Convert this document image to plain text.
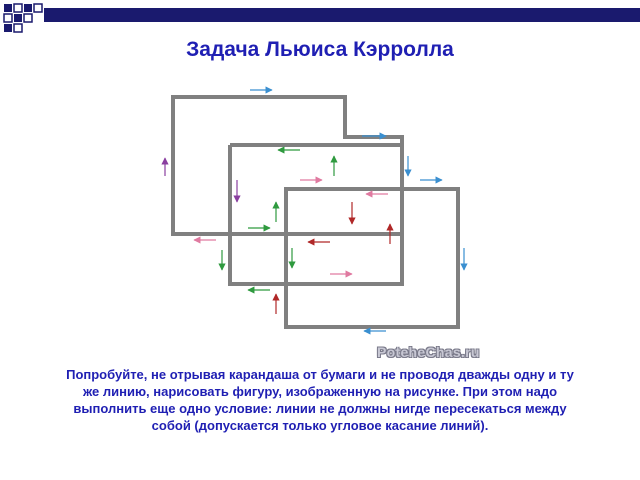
Задача Льюиса Кэрролла
PotehеChas.ru
Попробуйте, не отрывая карандаша от бумаги и не проводя дважды одну и ту же линию, нарисовать фигуру, изображенную на рисунке. При этом надо выполнить еще одно условие: линии не должны нигде пересекаться между собой (допускается только угловое касание линий).
